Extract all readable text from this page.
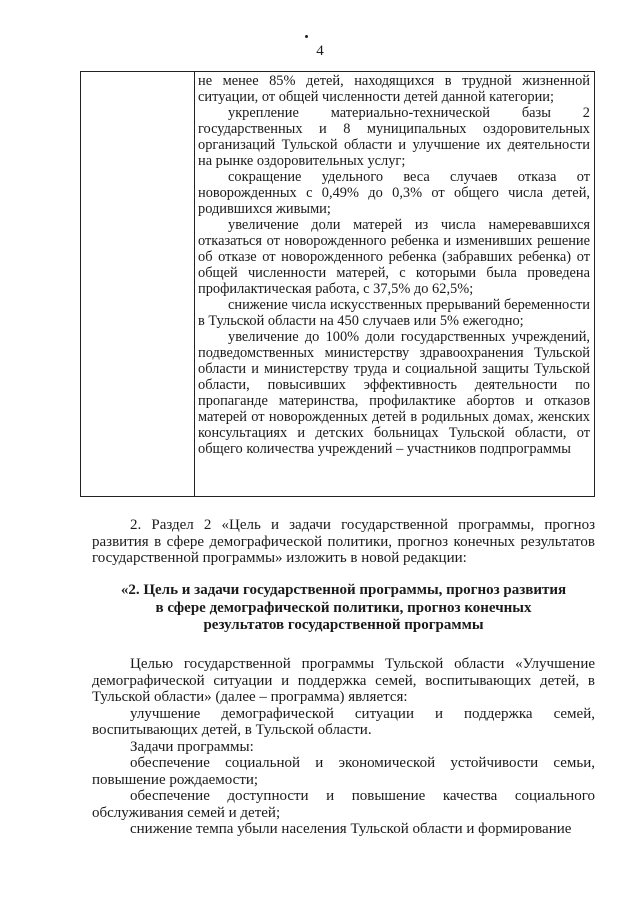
4

не менее 85% детей, находящихся в трудной жизненной ситуации, от общей численности детей данной категории;

укрепление материально-технической базы 2 государственных и 8 муниципальных оздоровительных организаций Тульской области и улучшение их деятельности на рынке оздоровительных услуг;

сокращение удельного веса случаев отказа от новорожденных с 0,49% до 0,3% от общего числа детей, родившихся живыми;

увеличение доли матерей из числа намеревавшихся отказаться от новорожденного ребенка и изменивших решение об отказе от новорожденного ребенка (забравших ребенка) от общей численности матерей, с которыми была проведена профилактическая работа, с 37,5% до 62,5%;

снижение числа искусственных прерываний беременности в Тульской области на 450 случаев или 5% ежегодно;

увеличение до 100% доли государственных учреждений, подведомственных министерству здравоохранения Тульской области и министерству труда и социальной защиты Тульской области, повысивших эффективность деятельности по пропаганде материнства, профилактике абортов и отказов матерей от новорожденных детей в родильных домах, женских консультациях и детских больницах Тульской области, от общего количества учреждений – участников подпрограммы

2. Раздел 2 «Цель и задачи государственной программы, прогноз развития в сфере демографической политики, прогноз конечных результатов государственной программы» изложить в новой редакции:

«2. Цель и задачи государственной программы, прогноз развития
в сфере демографической политики, прогноз конечных
результатов государственной программы

Целью государственной программы Тульской области «Улучшение демографической ситуации и поддержка семей, воспитывающих детей, в Тульской области» (далее – программа) является:

улучшение демографической ситуации и поддержка семей, воспитывающих детей, в Тульской области.

Задачи программы:

обеспечение социальной и экономической устойчивости семьи, повышение рождаемости;

обеспечение доступности и повышение качества социального обслуживания семей и детей;

снижение темпа убыли населения Тульской области и формирование
